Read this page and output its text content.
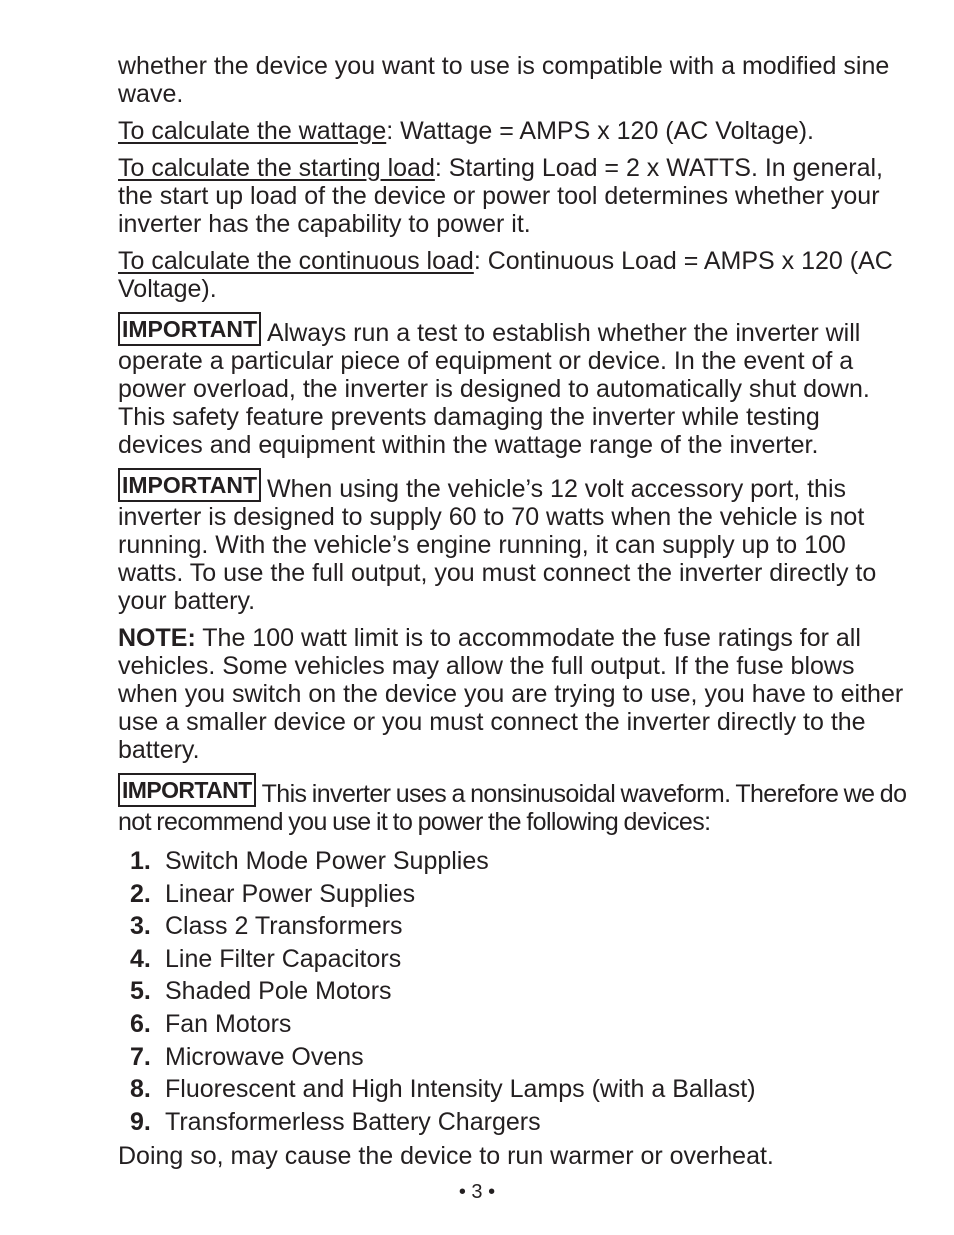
whether the device you want to use is compatible with a modified sine wave.

To calculate the wattage: Wattage = AMPS x 120 (AC Voltage).

To calculate the starting load: Starting Load = 2 x WATTS. In general, the start up load of the device or power tool determines whether your inverter has the capability to power it.

To calculate the continuous load: Continuous Load = AMPS x 120 (AC Voltage).

IMPORTANT Always run a test to establish whether the inverter will operate a particular piece of equipment or device. In the event of a power overload, the inverter is designed to automatically shut down. This safety feature prevents damaging the inverter while testing devices and equipment within the wattage range of the inverter.

IMPORTANT When using the vehicle’s 12 volt accessory port, this inverter is designed to supply 60 to 70 watts when the vehicle is not running. With the vehicle’s engine running, it can supply up to 100 watts. To use the full output, you must connect the inverter directly to your battery.

NOTE: The 100 watt limit is to accommodate the fuse ratings for all vehicles. Some vehicles may allow the full output. If the fuse blows when you switch on the device you are trying to use, you have to either use a smaller device or you must connect the inverter directly to the battery.

IMPORTANT This inverter uses a nonsinusoidal waveform. Therefore we do not recommend you use it to power the following devices:

1. Switch Mode Power Supplies
2. Linear Power Supplies
3. Class 2 Transformers
4. Line Filter Capacitors
5. Shaded Pole Motors
6. Fan Motors
7. Microwave Ovens
8. Fluorescent and High Intensity Lamps (with a Ballast)
9. Transformerless Battery Chargers

Doing so, may cause the device to run warmer or overheat.

• 3 •
